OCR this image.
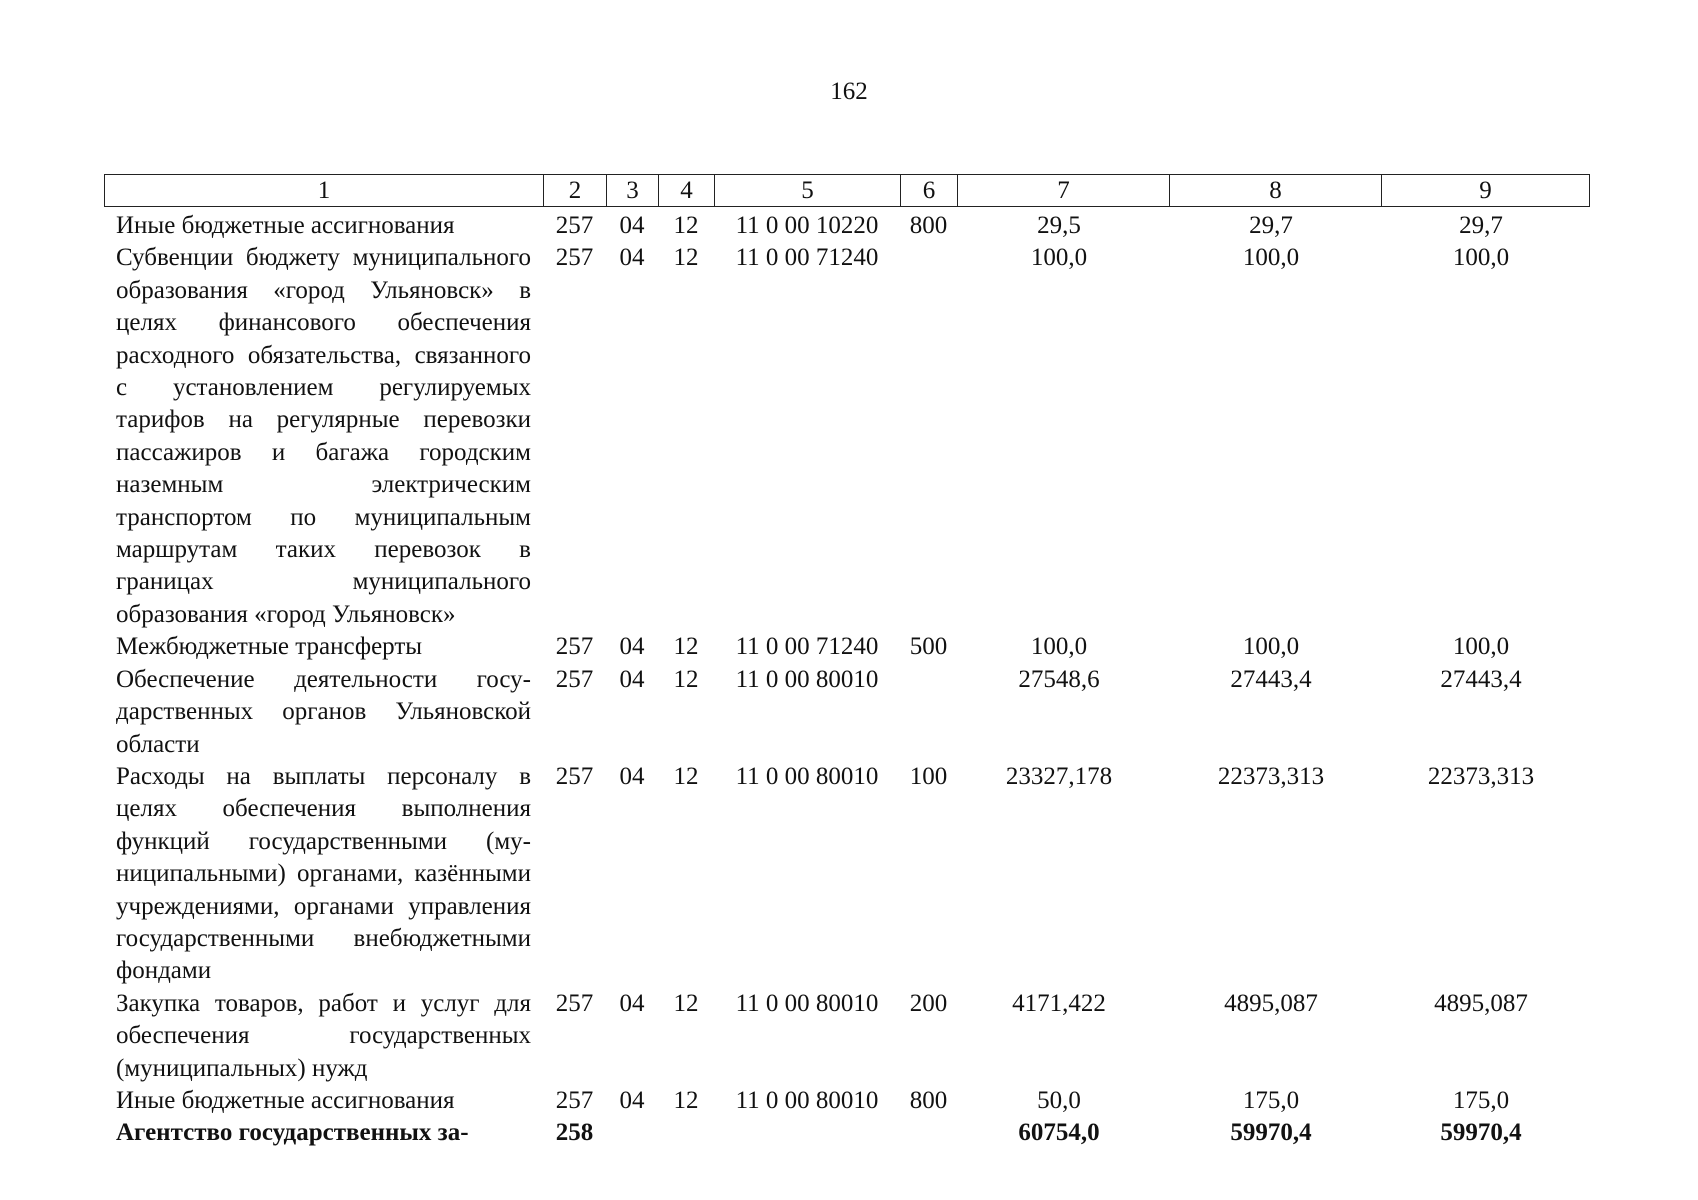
162
1	2	3	4	5	6	7	8	9
Иные бюджетные ассигнования	257	04	12	11 0 00 10220	800	29,5	29,7	29,7
Субвенции бюджету муниципального образования «город Ульяновск» в целях финансового обеспечения расходного обязательства, связанного с установлением регулируемых тарифов на регулярные перевозки пассажиров и багажа городским наземным электрическим транспортом по муниципальным маршрутам таких перевозок в границах муниципального образования «город Ульяновск»	257	04	12	11 0 00 71240		100,0	100,0	100,0
Межбюджетные трансферты	257	04	12	11 0 00 71240	500	100,0	100,0	100,0
Обеспечение деятельности государственных органов Ульяновской области	257	04	12	11 0 00 80010		27548,6	27443,4	27443,4
Расходы на выплаты персоналу в целях обеспечения выполнения функций государственными (муниципальными) органами, казёнными учреждениями, органами управления государственными внебюджетными фондами	257	04	12	11 0 00 80010	100	23327,178	22373,313	22373,313
Закупка товаров, работ и услуг для обеспечения государственных (муниципальных) нужд	257	04	12	11 0 00 80010	200	4171,422	4895,087	4895,087
Иные бюджетные ассигнования	257	04	12	11 0 00 80010	800	50,0	175,0	175,0
Агентство государственных за-	258					60754,0	59970,4	59970,4
